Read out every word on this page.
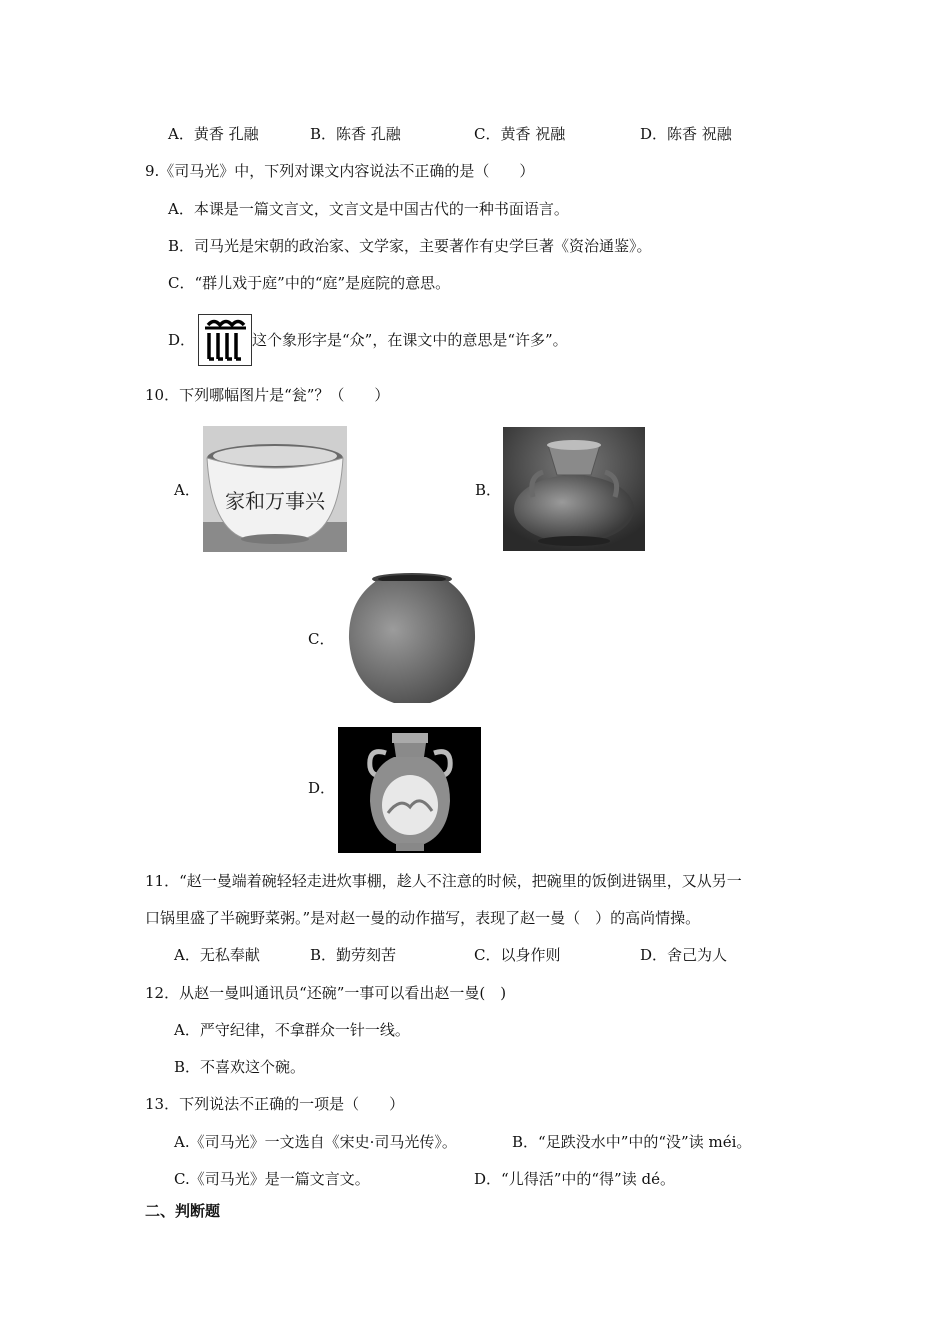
A．黄香 孔融	B．陈香 孔融	C．黄香 祝融	D．陈香 祝融
9.《司马光》中，下列对课文内容说法不正确的是（　　）
A．本课是一篇文言文，文言文是中国古代的一种书面语言。
B．司马光是宋朝的政治家、文学家，主要著作有史学巨著《资治通鉴》。
C．“群儿戏于庭”中的“庭”是庭院的意思。
D．	这个象形字是“众”，在课文中的意思是“许多”。
10．下列哪幅图片是“瓮”？（　　）
A． 家和万事兴	B．
C．
D．
11．“赵一曼端着碗轻轻走进炊事棚，趁人不注意的时候，把碗里的饭倒进锅里，又从另一
口锅里盛了半碗野菜粥。”是对赵一曼的动作描写，表现了赵一曼（　）的高尚情操。
A．无私奉献	B．勤劳刻苦	C．以身作则	D．舍己为人
12．从赵一曼叫通讯员“还碗”一事可以看出赵一曼(　)
A．严守纪律，不拿群众一针一线。
B．不喜欢这个碗。
13．下列说法不正确的一项是（　　）
A.《司马光》一文选自《宋史·司马光传》。	B．“足跌没水中”中的“没”读 méi。
C.《司马光》是一篇文言文。	D．“儿得活”中的“得”读 dé。
二、判断题
